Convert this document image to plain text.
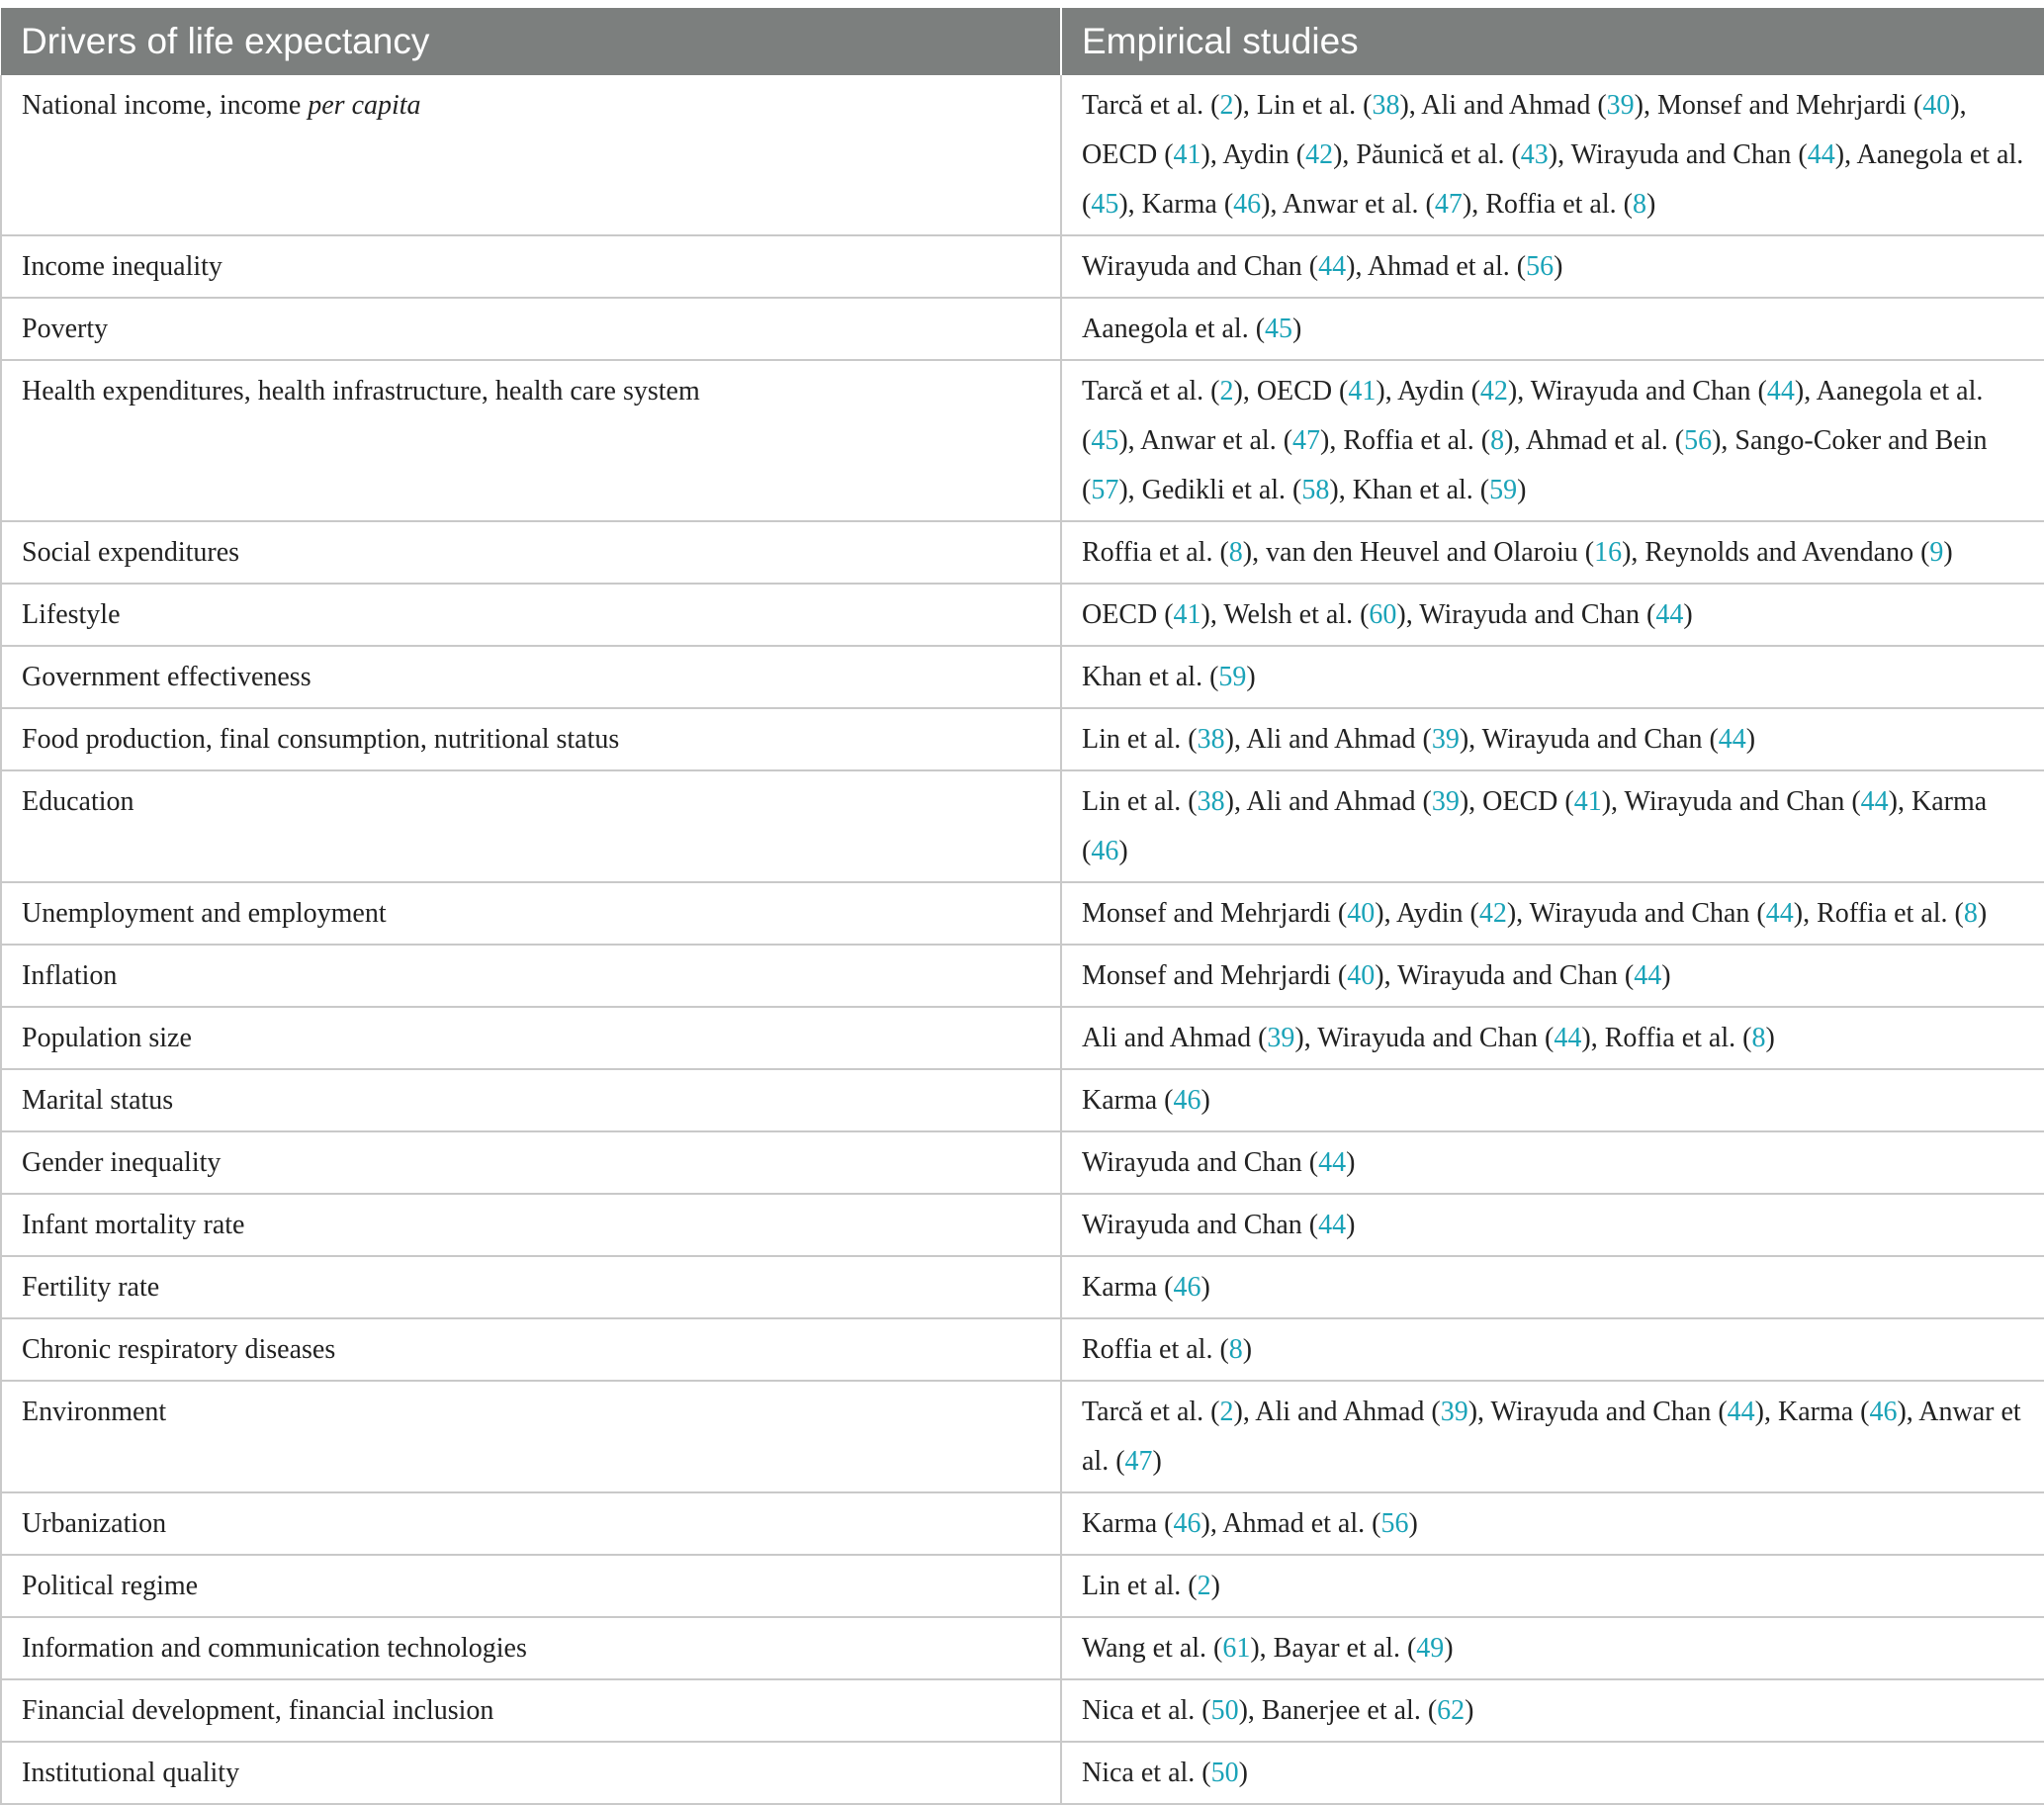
Drivers of life expectancy	Empirical studies
National income, income per capita	Tarcă et al. (2), Lin et al. (38), Ali and Ahmad (39), Monsef and Mehrjardi (40), OECD (41), Aydin (42), Păunică et al. (43), Wirayuda and Chan (44), Aanegola et al. (45), Karma (46), Anwar et al. (47), Roffia et al. (8)
Income inequality	Wirayuda and Chan (44), Ahmad et al. (56)
Poverty	Aanegola et al. (45)
Health expenditures, health infrastructure, health care system	Tarcă et al. (2), OECD (41), Aydin (42), Wirayuda and Chan (44), Aanegola et al. (45), Anwar et al. (47), Roffia et al. (8), Ahmad et al. (56), Sango-Coker and Bein (57), Gedikli et al. (58), Khan et al. (59)
Social expenditures	Roffia et al. (8), van den Heuvel and Olaroiu (16), Reynolds and Avendano (9)
Lifestyle	OECD (41), Welsh et al. (60), Wirayuda and Chan (44)
Government effectiveness	Khan et al. (59)
Food production, final consumption, nutritional status	Lin et al. (38), Ali and Ahmad (39), Wirayuda and Chan (44)
Education	Lin et al. (38), Ali and Ahmad (39), OECD (41), Wirayuda and Chan (44), Karma (46)
Unemployment and employment	Monsef and Mehrjardi (40), Aydin (42), Wirayuda and Chan (44), Roffia et al. (8)
Inflation	Monsef and Mehrjardi (40), Wirayuda and Chan (44)
Population size	Ali and Ahmad (39), Wirayuda and Chan (44), Roffia et al. (8)
Marital status	Karma (46)
Gender inequality	Wirayuda and Chan (44)
Infant mortality rate	Wirayuda and Chan (44)
Fertility rate	Karma (46)
Chronic respiratory diseases	Roffia et al. (8)
Environment	Tarcă et al. (2), Ali and Ahmad (39), Wirayuda and Chan (44), Karma (46), Anwar et al. (47)
Urbanization	Karma (46), Ahmad et al. (56)
Political regime	Lin et al. (2)
Information and communication technologies	Wang et al. (61), Bayar et al. (49)
Financial development, financial inclusion	Nica et al. (50), Banerjee et al. (62)
Institutional quality	Nica et al. (50)
